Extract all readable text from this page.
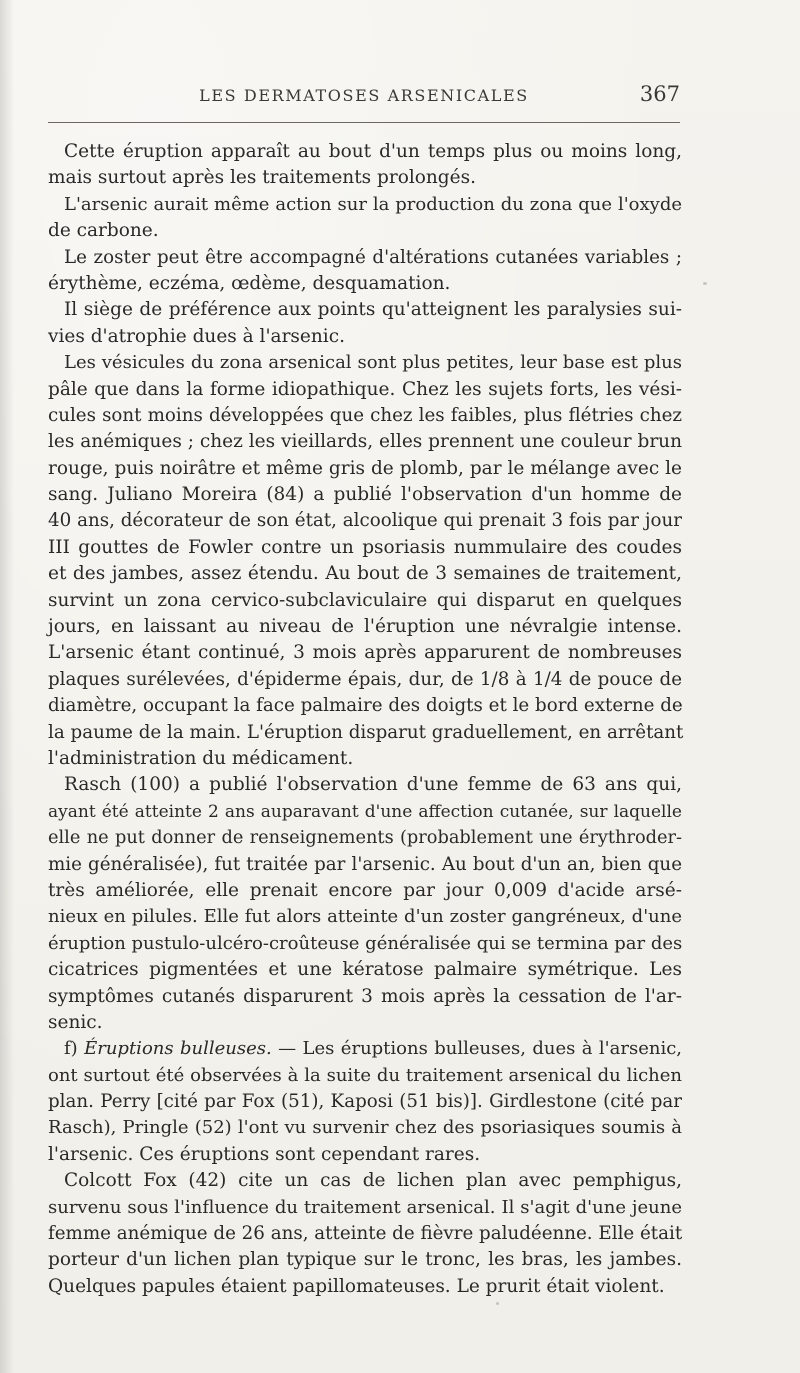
LES DERMATOSES ARSENICALES	367
Cette éruption apparaît au bout d'un temps plus ou moins long,
mais surtout après les traitements prolongés.
L'arsenic aurait même action sur la production du zona que l'oxyde
de carbone.
Le zoster peut être accompagné d'altérations cutanées variables ;
érythème, eczéma, œdème, desquamation.
Il siège de préférence aux points qu'atteignent les paralysies sui-
vies d'atrophie dues à l'arsenic.
Les vésicules du zona arsenical sont plus petites, leur base est plus
pâle que dans la forme idiopathique. Chez les sujets forts, les vési-
cules sont moins développées que chez les faibles, plus flétries chez
les anémiques ; chez les vieillards, elles prennent une couleur brun
rouge, puis noirâtre et même gris de plomb, par le mélange avec le
sang. Juliano Moreira (84) a publié l'observation d'un homme de
40 ans, décorateur de son état, alcoolique qui prenait 3 fois par jour
III gouttes de Fowler contre un psoriasis nummulaire des coudes
et des jambes, assez étendu. Au bout de 3 semaines de traitement,
survint un zona cervico-subclaviculaire qui disparut en quelques
jours, en laissant au niveau de l'éruption une névralgie intense.
L'arsenic étant continué, 3 mois après apparurent de nombreuses
plaques surélevées, d'épiderme épais, dur, de 1/8 à 1/4 de pouce de
diamètre, occupant la face palmaire des doigts et le bord externe de
la paume de la main. L'éruption disparut graduellement, en arrêtant
l'administration du médicament.
Rasch (100) a publié l'observation d'une femme de 63 ans qui,
ayant été atteinte 2 ans auparavant d'une affection cutanée, sur laquelle
elle ne put donner de renseignements (probablement une érythroder-
mie généralisée), fut traitée par l'arsenic. Au bout d'un an, bien que
très améliorée, elle prenait encore par jour 0,009 d'acide arsé-
nieux en pilules. Elle fut alors atteinte d'un zoster gangréneux, d'une
éruption pustulo-ulcéro-croûteuse généralisée qui se termina par des
cicatrices pigmentées et une kératose palmaire symétrique. Les
symptômes cutanés disparurent 3 mois après la cessation de l'ar-
senic.
f) Éruptions bulleuses. — Les éruptions bulleuses, dues à l'arsenic,
ont surtout été observées à la suite du traitement arsenical du lichen
plan. Perry [cité par Fox (51), Kaposi (51 bis)]. Girdlestone (cité par
Rasch), Pringle (52) l'ont vu survenir chez des psoriasiques soumis à
l'arsenic. Ces éruptions sont cependant rares.
Colcott Fox (42) cite un cas de lichen plan avec pemphigus,
survenu sous l'influence du traitement arsenical. Il s'agit d'une jeune
femme anémique de 26 ans, atteinte de fièvre paludéenne. Elle était
porteur d'un lichen plan typique sur le tronc, les bras, les jambes.
Quelques papules étaient papillomateuses. Le prurit était violent.
